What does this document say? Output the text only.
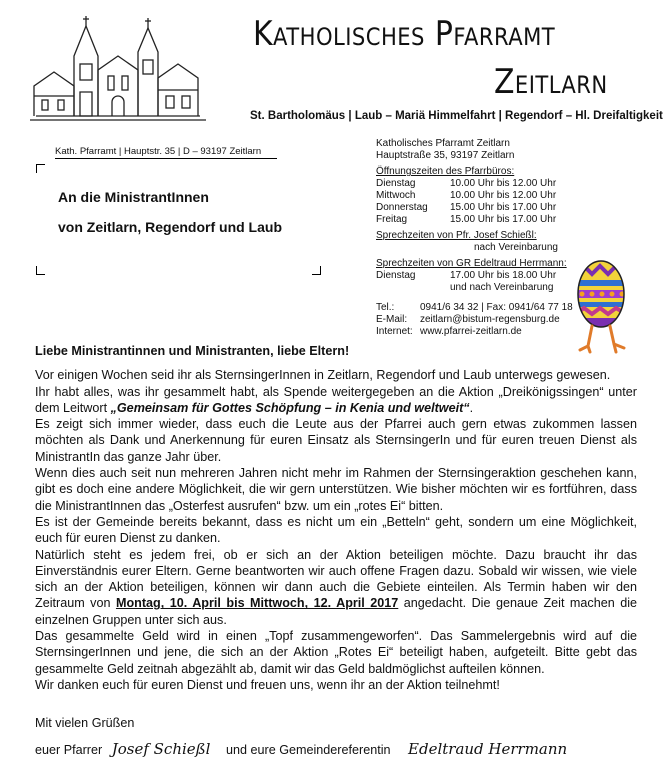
Katholisches Pfarramt
Zeitlarn
St. Bartholomäus | Laub – Mariä Himmelfahrt | Regendorf – Hl. Dreifaltigkeit
Kath. Pfarramt | Hauptstr. 35 | D – 93197 Zeitlarn
An die MinistrantInnen
von Zeitlarn, Regendorf und Laub
Katholisches Pfarramt Zeitlarn
Hauptstraße 35, 93197 Zeitlarn
Öffnungszeiten des Pfarrbüros:
Dienstag	10.00 Uhr bis 12.00 Uhr
Mittwoch	10.00 Uhr bis 12.00 Uhr
Donnerstag	15.00 Uhr bis 17.00 Uhr
Freitag	15.00 Uhr bis 17.00 Uhr
Sprechzeiten von Pfr. Josef Schießl:
nach Vereinbarung
Sprechzeiten von GR Edeltraud Herrmann:
Dienstag	17.00 Uhr bis 18.00 Uhr
	und nach Vereinbarung
Tel.:	0941/6 34 32 | Fax: 0941/64 77 18
E-Mail:	zeitlarn@bistum-regensburg.de
Internet:	www.pfarrei-zeitlarn.de

Liebe Ministrantinnen und Ministranten, liebe Eltern!

Vor einigen Wochen seid ihr als SternsingerInnen in Zeitlarn, Regendorf und Laub unterwegs gewesen.

Ihr habt alles, was ihr gesammelt habt, als Spende weitergegeben an die Aktion „Dreikönigssingen“ unter dem Leitwort „Gemeinsam für Gottes Schöpfung – in Kenia und weltweit“.

Es zeigt sich immer wieder, dass euch die Leute aus der Pfarrei auch gern etwas zukommen lassen möchten als Dank und Anerkennung für euren Einsatz als SternsingerIn und für euren treuen Dienst als MinistrantIn das ganze Jahr über.

Wenn dies auch seit nun mehreren Jahren nicht mehr im Rahmen der Sternsingeraktion geschehen kann, gibt es doch eine andere Möglichkeit, die wir gern unterstützen. Wie bisher möchten wir es fortführen, dass die MinistrantInnen das „Osterfest ausrufen“ bzw. um ein „rotes Ei“ bitten.

Es ist der Gemeinde bereits bekannt, dass es nicht um ein „Betteln“ geht, sondern um eine Möglichkeit, euch für euren Dienst zu danken.

Natürlich steht es jedem frei, ob er sich an der Aktion beteiligen möchte. Dazu braucht ihr das Einverständnis eurer Eltern. Gerne beantworten wir auch offene Fragen dazu. Sobald wir wissen, wie viele sich an der Aktion beteiligen, können wir dann auch die Gebiete einteilen. Als Termin haben wir den Zeitraum von Montag, 10. April bis Mittwoch, 12. April 2017 angedacht. Die genaue Zeit machen die einzelnen Gruppen unter sich aus.

Das gesammelte Geld wird in einen „Topf zusammengeworfen“. Das Sammelergebnis wird auf die SternsingerInnen und jene, die sich an der Aktion „Rotes Ei“ beteiligt haben, aufgeteilt. Bitte gebt das gesammelte Geld zeitnah abgezählt ab, damit wir das Geld baldmöglichst aufteilen können.

Wir danken euch für euren Dienst und freuen uns, wenn ihr an der Aktion teilnehmt!

Mit vielen Grüßen
euer Pfarrer Josef Schießl und eure Gemeindereferentin Edeltraud Herrmann
